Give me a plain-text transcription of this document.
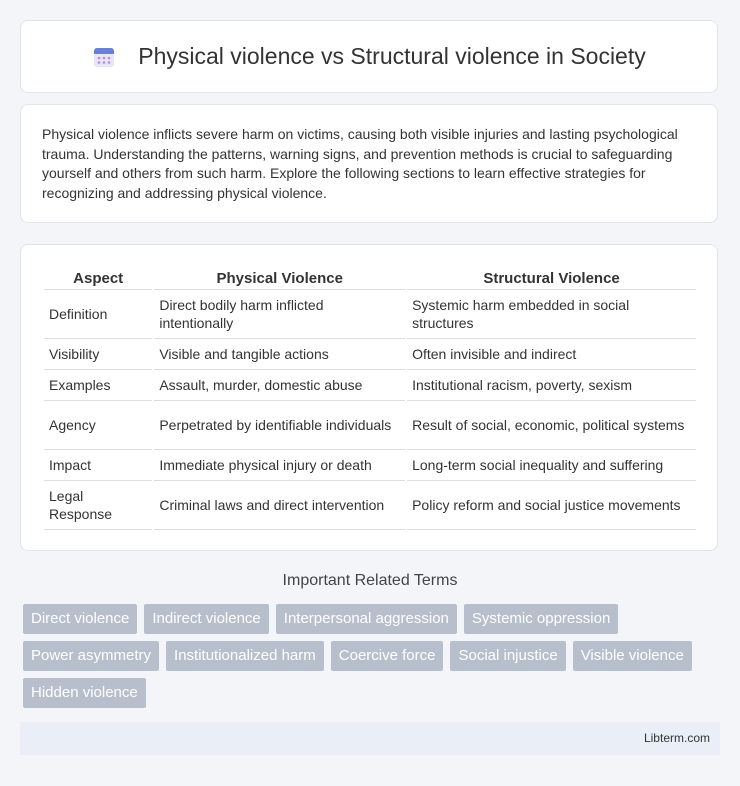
Physical violence vs Structural violence in Society

Physical violence inflicts severe harm on victims, causing both visible injuries and lasting psychological trauma. Understanding the patterns, warning signs, and prevention methods is crucial to safeguarding yourself and others from such harm. Explore the following sections to learn effective strategies for recognizing and addressing physical violence.

Aspect	Physical Violence	Structural Violence
Definition	Direct bodily harm inflicted intentionally	Systemic harm embedded in social structures
Visibility	Visible and tangible actions	Often invisible and indirect
Examples	Assault, murder, domestic abuse	Institutional racism, poverty, sexism
Agency	Perpetrated by identifiable individuals	Result of social, economic, political systems
Impact	Immediate physical injury or death	Long-term social inequality and suffering
Legal Response	Criminal laws and direct intervention	Policy reform and social justice movements
Important Related Terms
Direct violence	Indirect violence	Interpersonal aggression	Systemic oppression
Power asymmetry	Institutionalized harm	Coercive force	Social injustice	Visible violence
Hidden violence
Libterm.com
